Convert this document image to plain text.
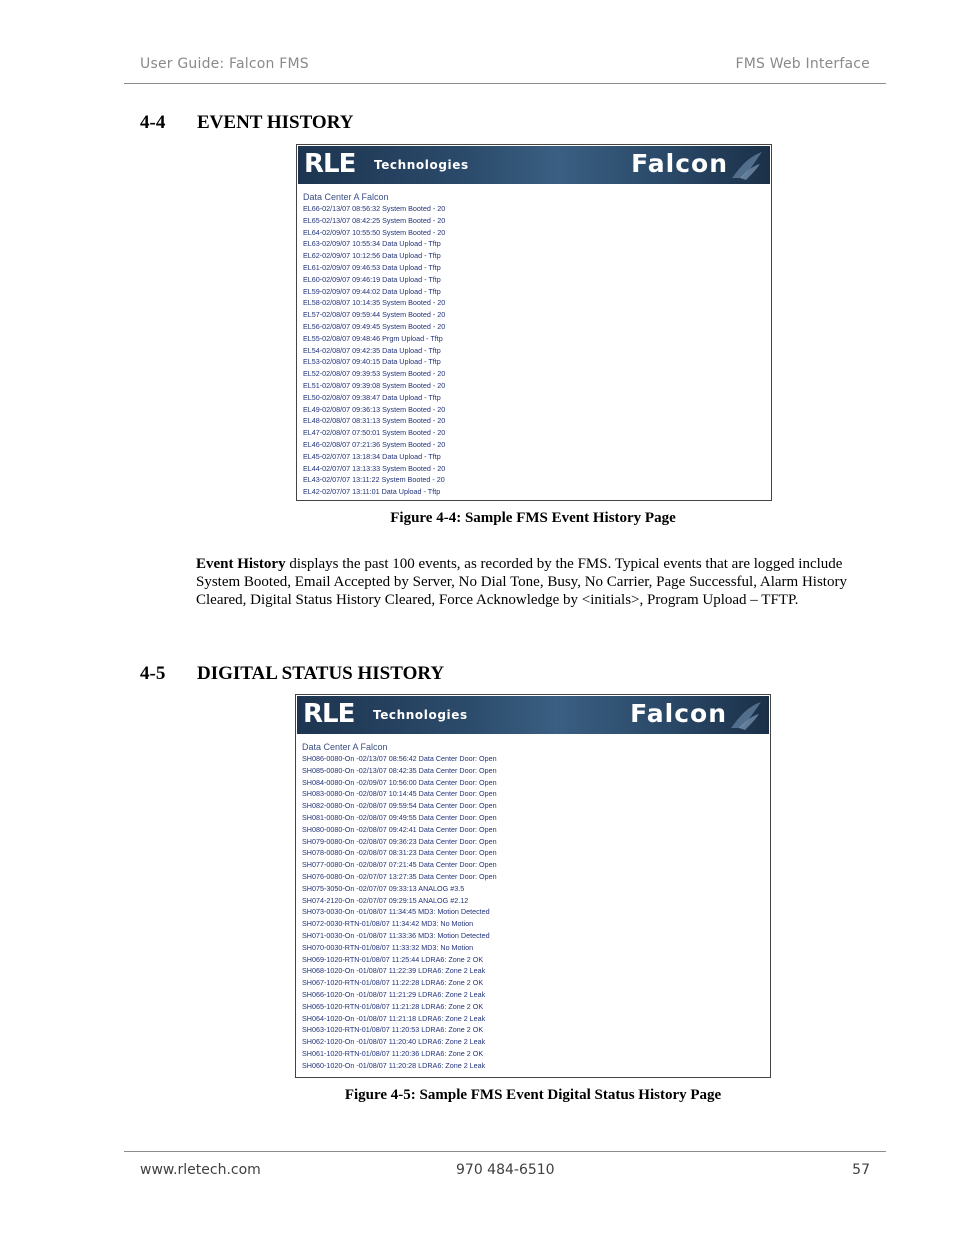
User Guide: Falcon FMS	FMS Web Interface
4-4 EVENT HISTORY
RLE Technologies	Falcon
Data Center A Falcon
EL66-02/13/07 08:56:32 System Booted - 20
EL65-02/13/07 08:42:25 System Booted - 20
EL64-02/09/07 10:55:50 System Booted - 20
EL63-02/09/07 10:55:34 Data Upload - Tftp
EL62-02/09/07 10:12:56 Data Upload - Tftp
EL61-02/09/07 09:46:53 Data Upload - Tftp
EL60-02/09/07 09:46:19 Data Upload - Tftp
EL59-02/09/07 09:44:02 Data Upload - Tftp
EL58-02/08/07 10:14:35 System Booted - 20
EL57-02/08/07 09:59:44 System Booted - 20
EL56-02/08/07 09:49:45 System Booted - 20
EL55-02/08/07 09:48:46 Prgm Upload - Tftp
EL54-02/08/07 09:42:35 Data Upload - Tftp
EL53-02/08/07 09:40:15 Data Upload - Tftp
EL52-02/08/07 09:39:53 System Booted - 20
EL51-02/08/07 09:39:08 System Booted - 20
EL50-02/08/07 09:38:47 Data Upload - Tftp
EL49-02/08/07 09:36:13 System Booted - 20
EL48-02/08/07 08:31:13 System Booted - 20
EL47-02/08/07 07:50:01 System Booted - 20
EL46-02/08/07 07:21:36 System Booted - 20
EL45-02/07/07 13:18:34 Data Upload - Tftp
EL44-02/07/07 13:13:33 System Booted - 20
EL43-02/07/07 13:11:22 System Booted - 20
EL42-02/07/07 13:11:01 Data Upload - Tftp
Figure 4-4: Sample FMS Event History Page
Event History displays the past 100 events, as recorded by the FMS. Typical events that are logged include System Booted, Email Accepted by Server, No Dial Tone, Busy, No Carrier, Page Successful, Alarm History Cleared, Digital Status History Cleared, Force Acknowledge by <initials>, Program Upload – TFTP.
4-5 DIGITAL STATUS HISTORY
RLE Technologies	Falcon
Data Center A Falcon
SH086-0080-On -02/13/07 08:56:42 Data Center Door: Open
SH085-0080-On -02/13/07 08:42:35 Data Center Door: Open
SH084-0080-On -02/09/07 10:56:00 Data Center Door: Open
SH083-0080-On -02/08/07 10:14:45 Data Center Door: Open
SH082-0080-On -02/08/07 09:59:54 Data Center Door: Open
SH081-0080-On -02/08/07 09:49:55 Data Center Door: Open
SH080-0080-On -02/08/07 09:42:41 Data Center Door: Open
SH079-0080-On -02/08/07 09:36:23 Data Center Door: Open
SH078-0080-On -02/08/07 08:31:23 Data Center Door: Open
SH077-0080-On -02/08/07 07:21:45 Data Center Door: Open
SH076-0080-On -02/07/07 13:27:35 Data Center Door: Open
SH075-3050-On -02/07/07 09:33:13 ANALOG #3.5
SH074-2120-On -02/07/07 09:29:15 ANALOG #2.12
SH073-0030-On -01/08/07 11:34:45 MD3: Motion Detected
SH072-0030-RTN-01/08/07 11:34:42 MD3: No Motion
SH071-0030-On -01/08/07 11:33:36 MD3: Motion Detected
SH070-0030-RTN-01/08/07 11:33:32 MD3: No Motion
SH069-1020-RTN-01/08/07 11:25:44 LDRA6: Zone 2 OK
SH068-1020-On -01/08/07 11:22:39 LDRA6: Zone 2 Leak
SH067-1020-RTN-01/08/07 11:22:28 LDRA6: Zone 2 OK
SH066-1020-On -01/08/07 11:21:29 LDRA6: Zone 2 Leak
SH065-1020-RTN-01/08/07 11:21:28 LDRA6: Zone 2 OK
SH064-1020-On -01/08/07 11:21:18 LDRA6: Zone 2 Leak
SH063-1020-RTN-01/08/07 11:20:53 LDRA6: Zone 2 OK
SH062-1020-On -01/08/07 11:20:40 LDRA6: Zone 2 Leak
SH061-1020-RTN-01/08/07 11:20:36 LDRA6: Zone 2 OK
SH060-1020-On -01/08/07 11:20:28 LDRA6: Zone 2 Leak
Figure 4-5: Sample FMS Event Digital Status History Page
www.rletech.com	970 484-6510	57
